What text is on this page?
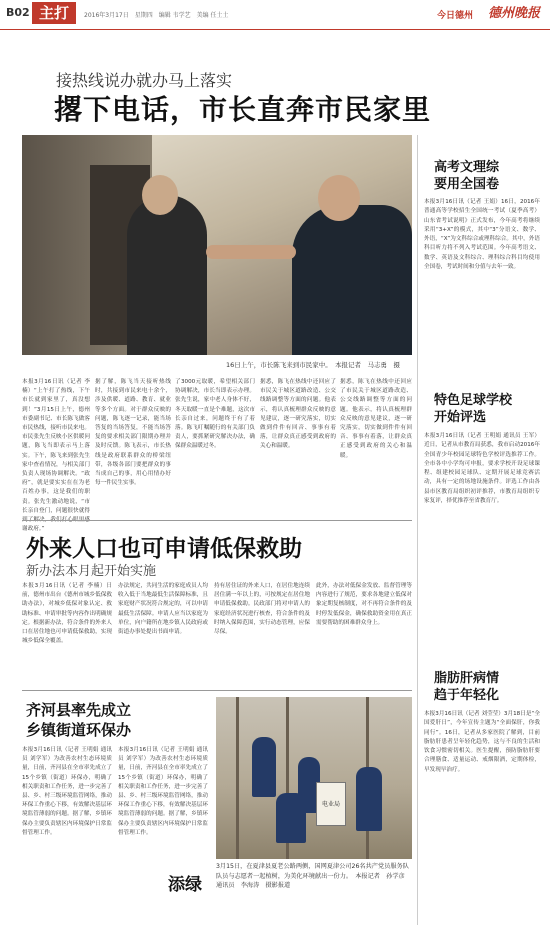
B02 主打	2016年3月17日　星期四　编辑 韦学艺　美编 任土土	今日德州 德州晚报
接热线说办就办马上落实
撂下电话，市长直奔市民家里
16日上午，市长陈飞来到市民家中。　本报记者　马志勇　摄
本报3月16日讯（记者 李楠）“上午打了热线，下午市长就到家里了，真没想到！”3月15日上午，德州市委副书记、市长陈飞做客市民热线，接听市民来电。市民张先生反映小区供暖问题，陈飞当即表示马上落实。下午，陈飞来到张先生家中查看情况，与相关部门负责人现场协调解决。“政府”，就是要实实在在为老百姓办事，这是我们的职责。张先生激动地说，“市长亲自登门，问题很快就得 谢政府。”
据了解，陈飞当天接听热线时，共接到市民来电十余个，涉及供暖、道路、教育、就业等多个方面。对于群众反映的问题，陈飞逐一记录，能当场答复的当场答复，不能当场答复的要求相关部门限期办理并及时反馈。陈飞表示，市长热线是政府联系群众的桥梁纽带，各级各部门要把群众的事当成自己的事，用心用情办好每一件民生实事。
了3000元取暖，希望相关部门协调解决，市长当即表示办理。张先生说，家中老人身体不好，冬天取暖一直是个难题，这次市长亲自过来，问题终于有了着落。陈飞叮嘱随行的有关部门负责人，要抓紧研究解决办法，确保群众温暖过冬。
据悉，陈飞在热线中还回应了市民关于城区道路改造、公交线路调整等方面的问题。他表示，将认真梳理群众反映的意见建议，逐一研究落实，切实做到件件有回音、事事有着落，让群众真正感受到政府的关心和温暖。
据悉，陈飞在热线中还回应了市民关于城区道路改造、公交线路调整等方面的问题。他表示，将认真梳理群众反映的意见建议，逐一研究落实，切实做到件件有回音、事事有着落，让群众真正感受到政府的关心和温暖。
高考文理综
要用全国卷
本报3月16日讯（记者 王娟）16日，2016年普通高等学校招生全国统一考试（夏季高考）山东省考试说明》正式发布，今年高考将继续采用“3+X”的模式，其中“3”分语文、数学、外语，“X”为文科综合或理科综合。其中，外语科目听力将不列入考试范围。今年高考语文、数学、英语及文科综合、理科综合科目均使用全国卷，考试时间和分值与去年一致。
特色足球学校
开始评选
本报3月16日讯（记者 王明娟 通讯员 王军）近日，记者从市教育局获悉，我市启动2016年全国青少年校园足球特色学校评选推荐工作。全市各中小学均可申报，要求学校开设足球课程、组建校园足球队、定期开展足球竞赛活动，具有一定的场地设施条件。评选工作由各县市区教育局组织初评推荐，市教育局组织专家复评，择优推荐至省教育厅。
脂肪肝病情
趋于年轻化
本报3月16日讯（记者 刘莹莹）3月18日是“全国爱肝日”，今年宣传主题为“全面保肝，你我同行”。16日，记者从多家医院了解到，目前脂肪肝患者呈年轻化趋势，这与不良的生活和饮食习惯密切相关。医生提醒，预防脂肪肝要合理膳食、适量运动、戒烟限酒，定期体检，早发现早治疗。
外来人口也可申请低保救助
新办法本月起开始实施
本报3月16日讯（记者 李楠）日前，德州市出台《德州市城乡低保救助办法》，对城乡低保对象认定、救助标准、申请审批等内容作出明确规定。根据新办法，符合条件的外来人口在居住地也可申请低保救助，实现城乡低保全覆盖。
办法规定，共同生活的家庭成员人均收入低于当地最低生活保障标准，且家庭财产状况符合规定的，可以申请最低生活保障。申请人应当以家庭为单位，向户籍所在地乡镇人民政府或街道办事处提出书面申请。
持有居住证的外来人口，在居住地连续居住满一年以上的，可按规定在居住地申请低保救助。民政部门将对申请人的家庭经济状况进行核查，符合条件的及时纳入保障范围，实行动态管理，应保尽保。
此外，办法对低保金发放、监督管理等内容进行了规范，要求各地建立低保对象定期复核制度，对不再符合条件的及时停发低保金，确保救助资金用在真正需要帮助的困难群众身上。
齐河县率先成立
乡镇街道环保办
本报3月16日讯（记者 王明娟 通讯员 刘学军）为改善农村生态环境质量，日前，齐河县在全市率先成立了15个乡镇（街道）环保办，明确了相关职责和工作任务，进一步完善了县、乡、村三级环境监管网络，推动环保工作重心下移，有效解决基层环境监管薄弱的问题。据了解，乡镇环保办主要负责辖区内环境保护日常监督管理工作。
本报3月16日讯（记者 王明娟 通讯员 刘学军）为改善农村生态环境质量，日前，齐河县在全市率先成立了15个乡镇（街道）环保办，明确了相关职责和工作任务，进一步完善了县、乡、村三级环境监管网络，推动环保工作重心下移，有效解决基层环境监管薄弱的问题。据了解，乡镇环保办主要负责辖区内环境保护日常监督管理工作。
电业局
添绿
3月15日，在夏津县夏老公路两侧，国网夏津公司26名共产党员服务队队员与志愿者一起植树，为美化环境献出一份力。　本报记者　孙学彦　通讯员　李海涛　摄影报道
